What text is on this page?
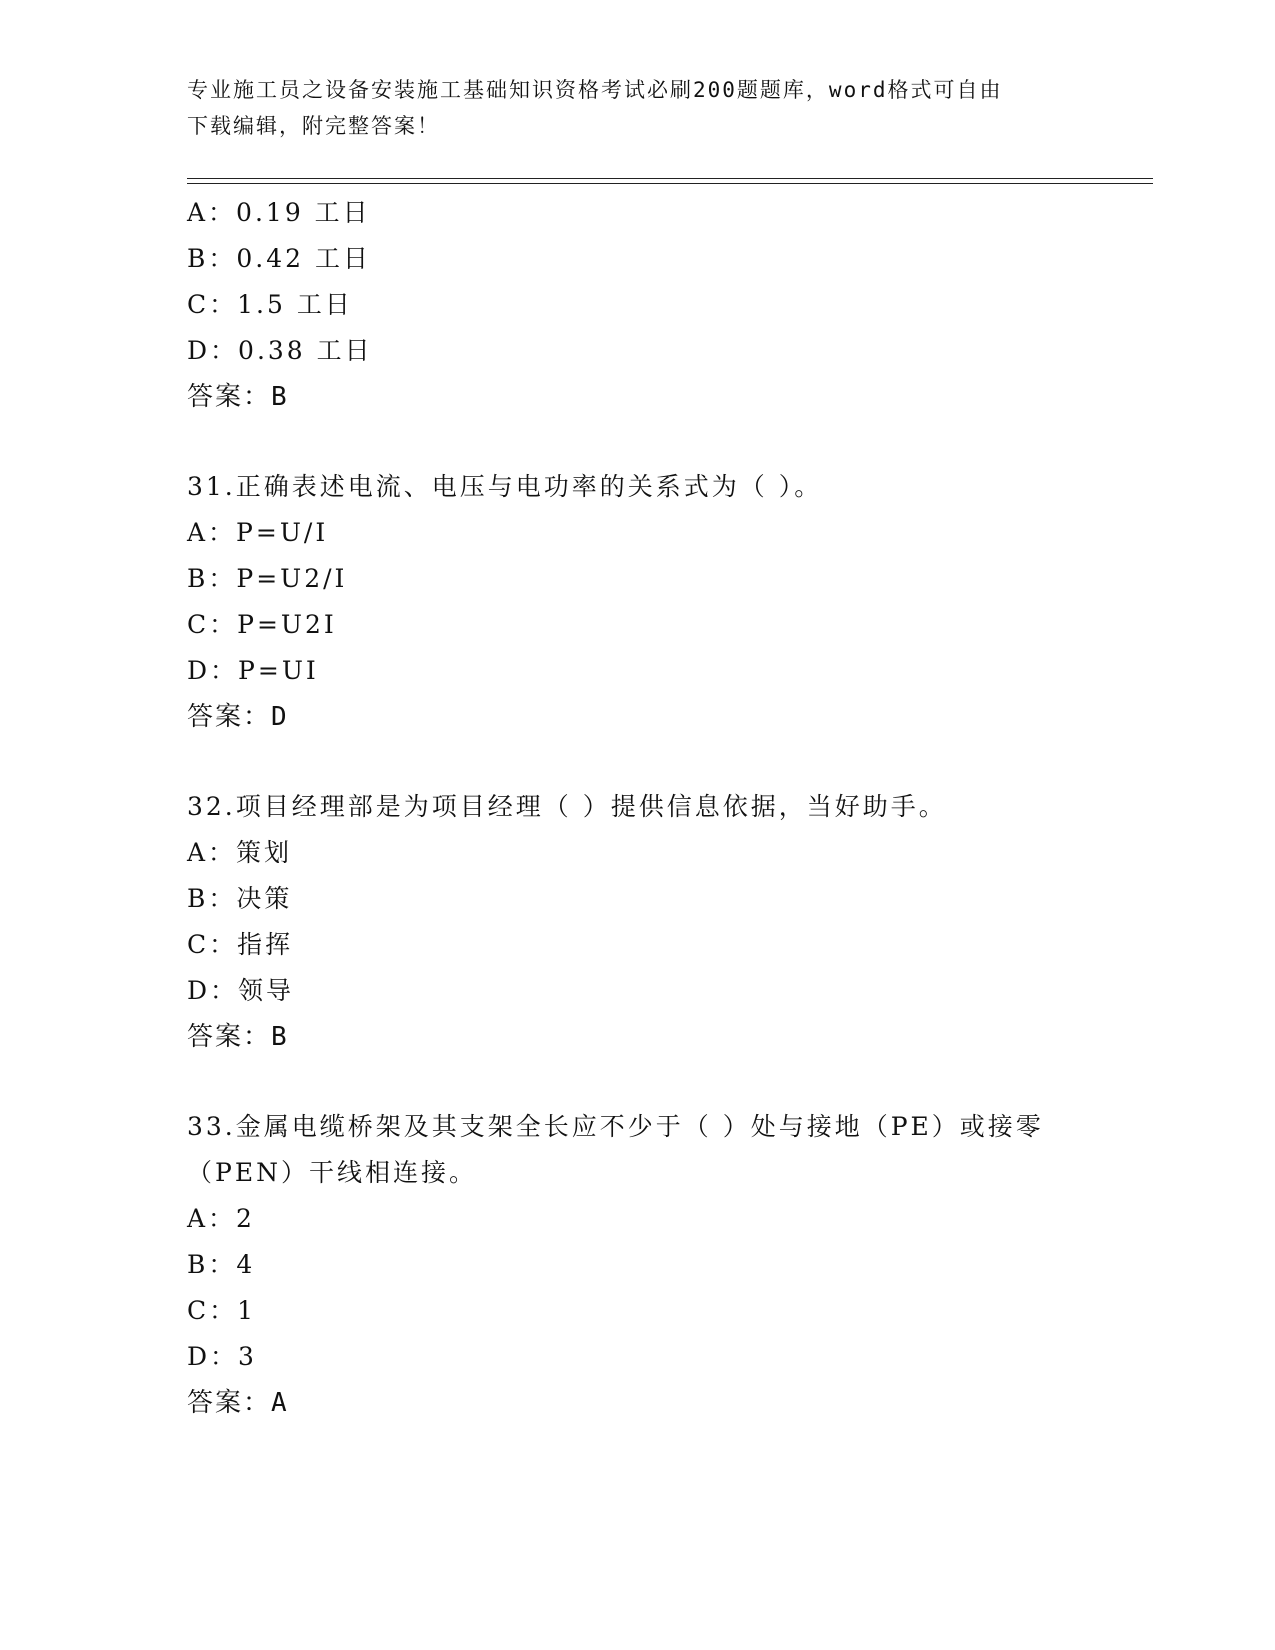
专业施工员之设备安装施工基础知识资格考试必刷200题题库，word格式可自由
下载编辑，附完整答案！
A：0.19 工日
B：0.42 工日
C：1.5 工日
D：0.38 工日
答案：B
31.正确表述电流、电压与电功率的关系式为（ ）。
A：P=U/I
B：P=U2/I
C：P=U2I
D：P=UI
答案：D
32.项目经理部是为项目经理（ ）提供信息依据，当好助手。
A：策划
B：决策
C：指挥
D：领导
答案：B
33.金属电缆桥架及其支架全长应不少于（ ）处与接地（PE）或接零（PEN）干线相连接。
A：2
B：4
C：1
D：3
答案：A
